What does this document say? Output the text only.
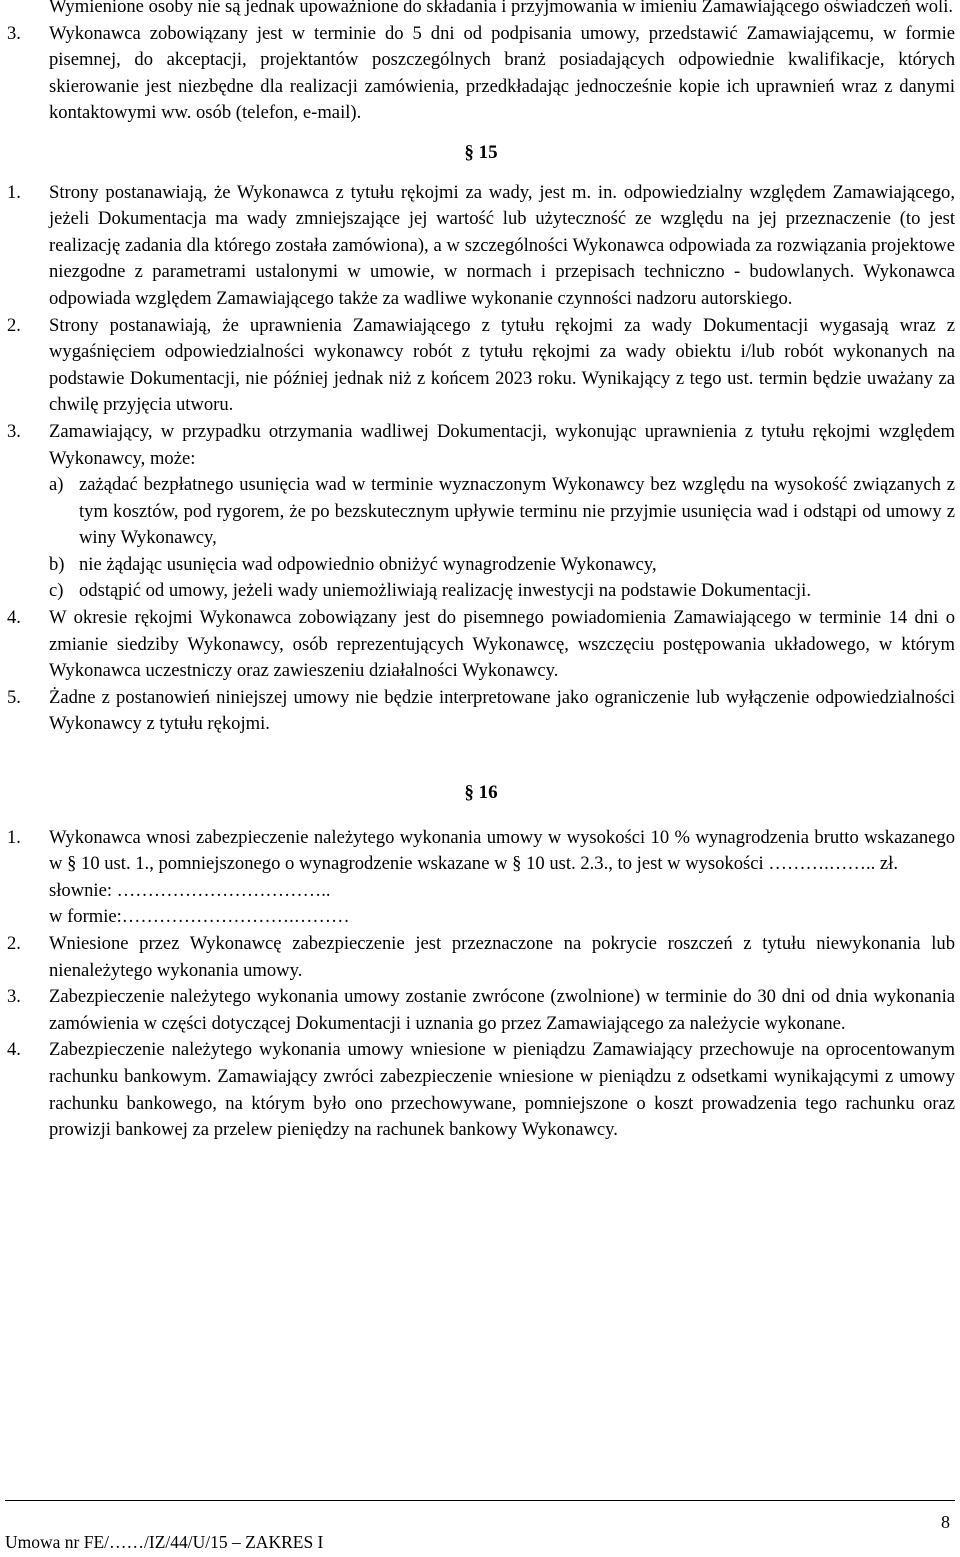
Wymienione osoby nie są jednak upoważnione do składania i przyjmowania w imieniu Zamawiającego oświadczeń woli.

3.	Wykonawca zobowiązany jest w terminie do 5 dni od podpisania umowy, przedstawić Zamawiającemu, w formie pisemnej, do akceptacji, projektantów poszczególnych branż posiadających odpowiednie kwalifikacje, których skierowanie jest niezbędne dla realizacji zamówienia, przedkładając jednocześnie kopie ich uprawnień wraz z danymi kontaktowymi ww. osób (telefon, e-mail).
§ 15
1.	Strony postanawiają, że Wykonawca z tytułu rękojmi za wady, jest m. in. odpowiedzialny względem Zamawiającego, jeżeli Dokumentacja ma wady zmniejszające jej wartość lub użyteczność ze względu na jej przeznaczenie (to jest realizację zadania dla którego została zamówiona), a w szczególności Wykonawca odpowiada za rozwiązania projektowe niezgodne z parametrami ustalonymi w umowie, w normach i przepisach techniczno - budowlanych. Wykonawca odpowiada względem Zamawiającego także za wadliwe wykonanie czynności nadzoru autorskiego.
2.	Strony postanawiają, że uprawnienia Zamawiającego z tytułu rękojmi za wady Dokumentacji wygasają wraz z wygaśnięciem odpowiedzialności wykonawcy robót z tytułu rękojmi za wady obiektu i/lub robót wykonanych na podstawie Dokumentacji, nie później jednak niż z końcem 2023 roku. Wynikający z tego ust. termin będzie uważany za chwilę przyjęcia utworu.
3.	Zamawiający, w przypadku otrzymania wadliwej Dokumentacji, wykonując uprawnienia z tytułu rękojmi względem Wykonawcy, może:
a) zażądać bezpłatnego usunięcia wad w terminie wyznaczonym Wykonawcy bez względu na wysokość związanych z tym kosztów, pod rygorem, że po bezskutecznym upływie terminu nie przyjmie usunięcia wad i odstąpi od umowy z winy Wykonawcy,
b) nie żądając usunięcia wad odpowiednio obniżyć wynagrodzenie Wykonawcy,
c) odstąpić od umowy, jeżeli wady uniemożliwiają realizację inwestycji na podstawie Dokumentacji.
4.	W okresie rękojmi Wykonawca zobowiązany jest do pisemnego powiadomienia Zamawiającego w terminie 14 dni o zmianie siedziby Wykonawcy, osób reprezentujących Wykonawcę, wszczęciu postępowania układowego, w którym Wykonawca uczestniczy oraz zawieszeniu działalności Wykonawcy.
5.	Żadne z postanowień niniejszej umowy nie będzie interpretowane jako ograniczenie lub wyłączenie odpowiedzialności Wykonawcy z tytułu rękojmi.
§ 16
1.	Wykonawca wnosi zabezpieczenie należytego wykonania umowy w wysokości 10 % wynagrodzenia brutto wskazanego w § 10 ust. 1., pomniejszonego o wynagrodzenie wskazane w § 10 ust. 2.3., to jest w wysokości ……….…….. zł.
słownie: ……………………………..
w formie:……………………….………
2.	Wniesione przez Wykonawcę zabezpieczenie jest przeznaczone na pokrycie roszczeń z tytułu niewykonania lub nienależytego wykonania umowy.
3.	Zabezpieczenie należytego wykonania umowy zostanie zwrócone (zwolnione) w terminie do 30 dni od dnia wykonania zamówienia w części dotyczącej Dokumentacji i uznania go przez Zamawiającego za należycie wykonane.
4.	Zabezpieczenie należytego wykonania umowy wniesione w pieniądzu Zamawiający przechowuje na oprocentowanym rachunku bankowym. Zamawiający zwróci zabezpieczenie wniesione w pieniądzu z odsetkami wynikającymi z umowy rachunku bankowego, na którym było ono przechowywane, pomniejszone o koszt prowadzenia tego rachunku oraz prowizji bankowej za przelew pieniędzy na rachunek bankowy Wykonawcy.
8
Umowa nr FE/……/IZ/44/U/15 – ZAKRES I
